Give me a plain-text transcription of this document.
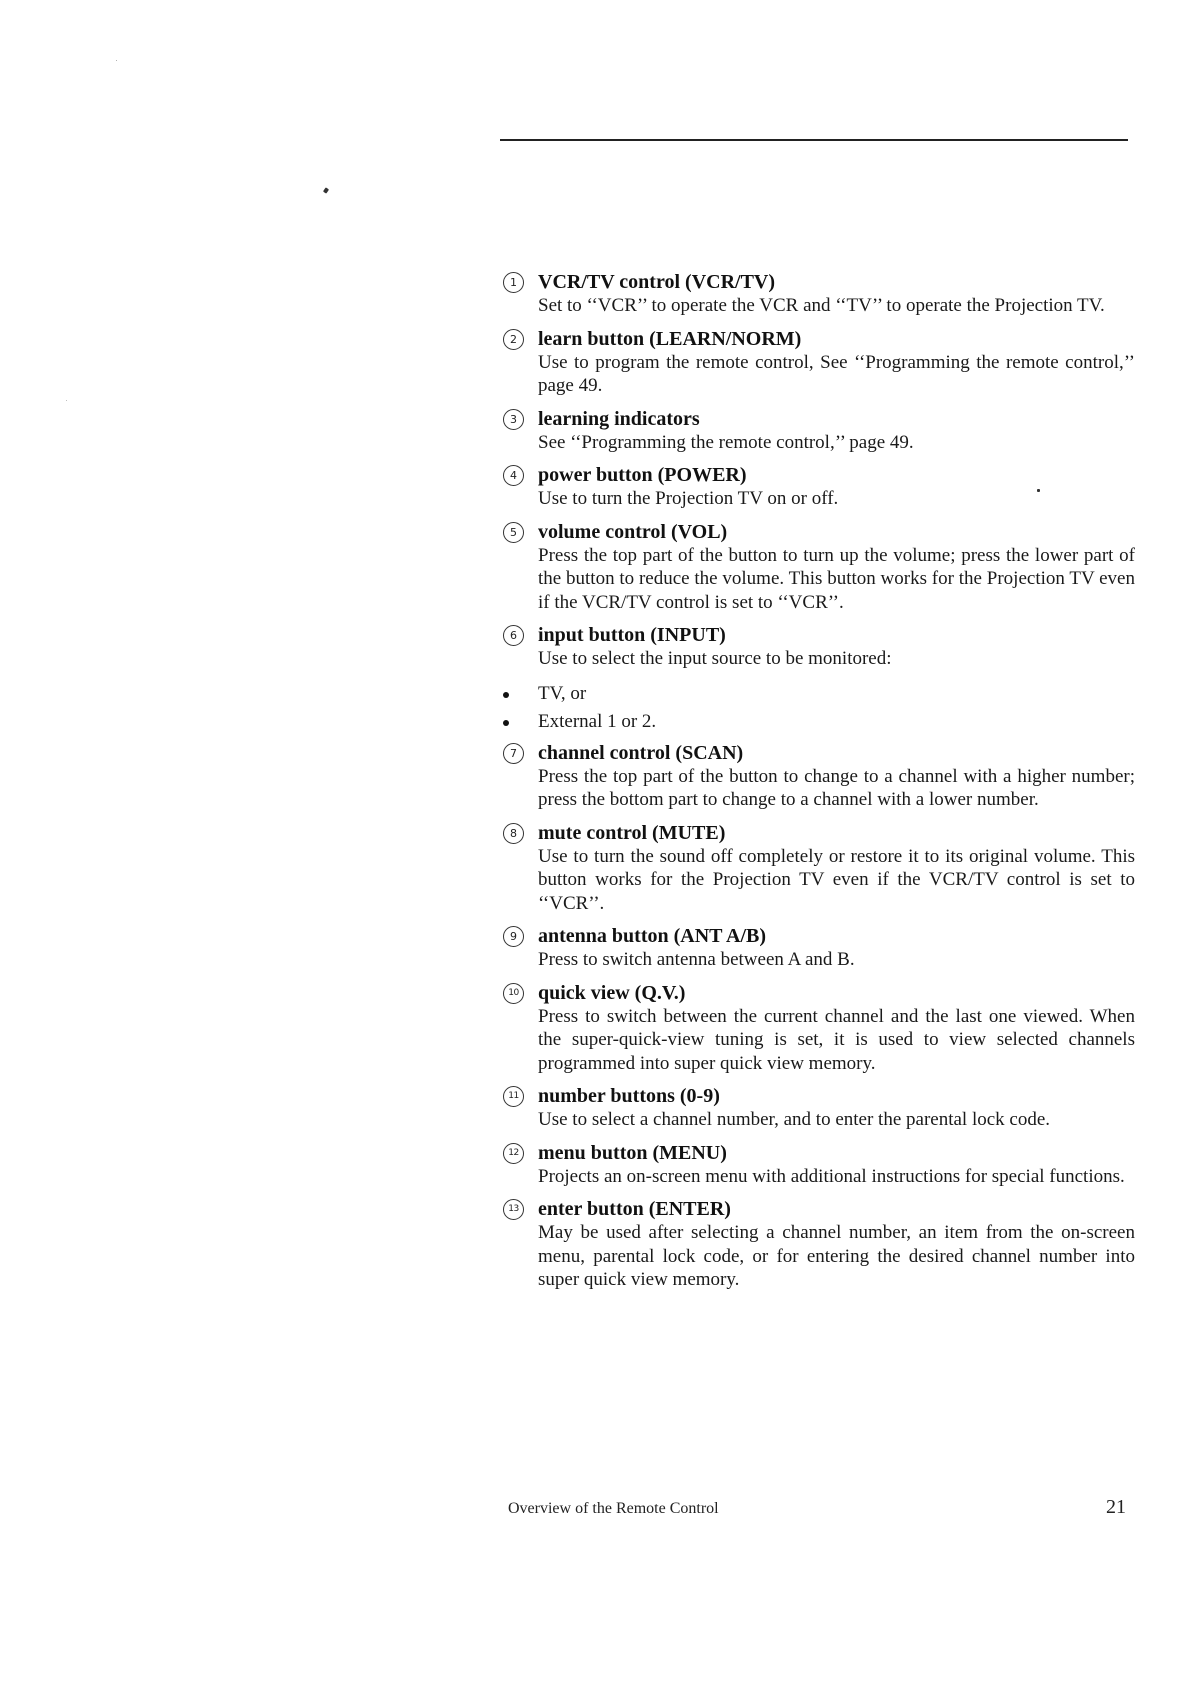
1	VCR/TV control (VCR/TV)
Set to ‘‘VCR’’ to operate the VCR and ‘‘TV’’ to operate the Projection TV.
2	learn button (LEARN/NORM)
Use to program the remote control, See ‘‘Programming the remote control,’’ page 49.
3	learning indicators
See ‘‘Programming the remote control,’’ page 49.
4	power button (POWER)
Use to turn the Projection TV on or off.
5	volume control (VOL)
Press the top part of the button to turn up the volume; press the lower part of the button to reduce the volume. This button works for the Projection TV even if the VCR/TV control is set to ‘‘VCR’’.
6	input button (INPUT)
Use to select the input source to be monitored:
TV, or
External 1 or 2.
7	channel control (SCAN)
Press the top part of the button to change to a channel with a higher number; press the bottom part to change to a channel with a lower number.
8	mute control (MUTE)
Use to turn the sound off completely or restore it to its original volume. This button works for the Projection TV even if the VCR/TV control is set to ‘‘VCR’’.
9	antenna button (ANT A/B)
Press to switch antenna between A and B.
10 quick view (Q.V.)
Press to switch between the current channel and the last one viewed. When the super-quick-view tuning is set, it is used to view selected channels programmed into super quick view memory.
11 number buttons (0-9)
Use to select a channel number, and to enter the parental lock code.
12 menu button (MENU)
Projects an on-screen menu with additional instructions for special functions.
13 enter button (ENTER)
May be used after selecting a channel number, an item from the on-screen menu, parental lock code, or for entering the desired channel number into super quick view memory.
Overview of the Remote Control	21
